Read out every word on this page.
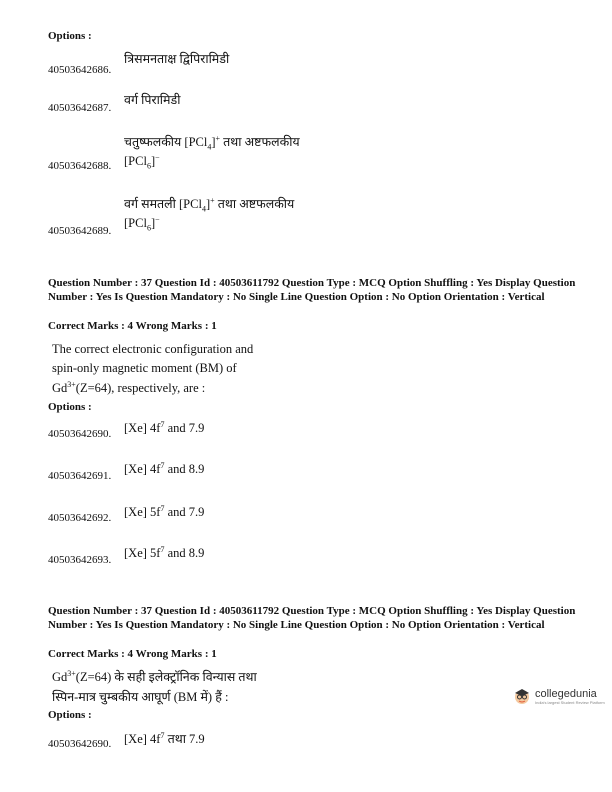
Options :
40503642686.
त्रिसमनताक्ष द्विपिरामिडी
40503642687.
वर्ग पिरामिडी
चतुष्फलकीय [PCl$_4$]+ तथा अष्टफलकीय
40503642688. [PCl$_6$]−
वर्ग समतली [PCl$_4$]+ तथा अष्टफलकीय
[PCl$_6$]−
40503642689.
Question Number : 37 Question Id : 40503611792 Question Type : MCQ Option Shuffling : Yes Display Question Number : Yes Is Question Mandatory : No Single Line Question Option : No Option Orientation : Vertical
Correct Marks : 4 Wrong Marks : 1
The correct electronic configuration and
spin-only magnetic moment (BM) of
$Gd^{3+}(Z=64)$, respectively, are :
Options :
40503642690. [Xe] $4f^7$ and 7.9
40503642691. [Xe] $4f^7$ and 8.9
40503642692. [Xe] $5f^7$ and 7.9
40503642693. [Xe] $5f^7$ and 8.9
Question Number : 37 Question Id : 40503611792 Question Type : MCQ Option Shuffling : Yes Display Question Number : Yes Is Question Mandatory : No Single Line Question Option : No Option Orientation : Vertical
Correct Marks : 4 Wrong Marks : 1
$Gd^{3+}(Z=64)$ के सही इलेक्ट्रॉनिक विन्यास तथा
स्पिन-मात्र चुम्बकीय आघूर्ण (BM में) हैं :
Options :
40503642690. [Xe] $4f^7$ तथा 7.9
collegedunia
India's largest Student Review Platform
